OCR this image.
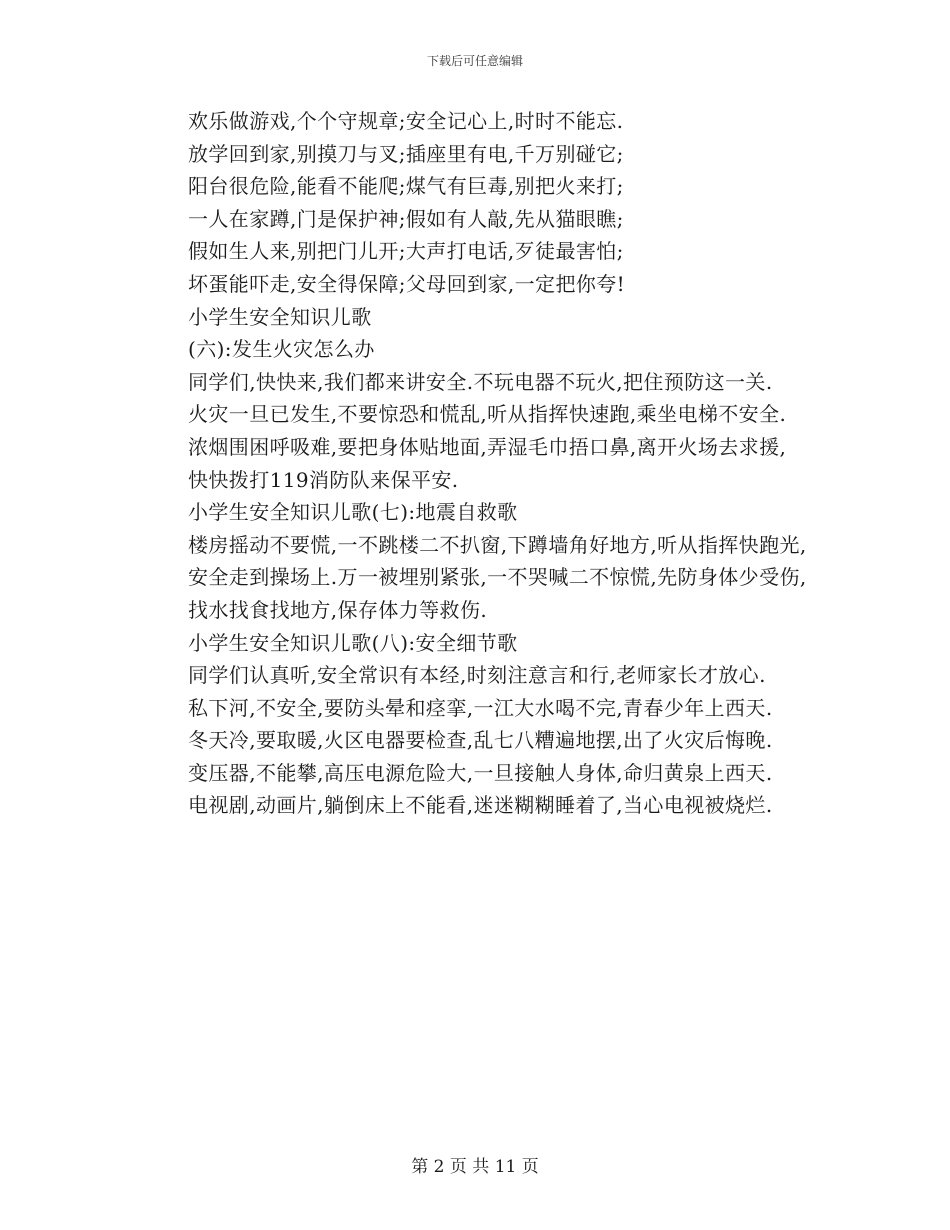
下载后可任意编辑

欢乐做游戏,个个守规章;安全记心上,时时不能忘.

放学回到家,别摸刀与叉;插座里有电,千万别碰它;

阳台很危险,能看不能爬;煤气有巨毒,别把火来打;

一人在家蹲,门是保护神;假如有人敲,先从猫眼瞧;

假如生人来,别把门儿开;大声打电话,歹徒最害怕;

坏蛋能吓走,安全得保障;父母回到家,一定把你夸!

小学生安全知识儿歌

(六):发生火灾怎么办

同学们,快快来,我们都来讲安全.不玩电器不玩火,把住预防这一关.

火灾一旦已发生,不要惊恐和慌乱,听从指挥快速跑,乘坐电梯不安全.

浓烟围困呼吸难,要把身体贴地面,弄湿毛巾捂口鼻,离开火场去求援,

快快拨打119消防队来保平安.

小学生安全知识儿歌(七):地震自救歌

楼房摇动不要慌,一不跳楼二不扒窗,下蹲墙角好地方,听从指挥快跑光,

安全走到操场上.万一被埋别紧张,一不哭喊二不惊慌,先防身体少受伤,

找水找食找地方,保存体力等救伤.

小学生安全知识儿歌(八):安全细节歌

同学们认真听,安全常识有本经,时刻注意言和行,老师家长才放心.

私下河,不安全,要防头晕和痉挛,一江大水喝不完,青春少年上西天.

冬天冷,要取暖,火区电器要检查,乱七八糟遍地摆,出了火灾后悔晚.

变压器,不能攀,高压电源危险大,一旦接触人身体,命归黄泉上西天.

电视剧,动画片,躺倒床上不能看,迷迷糊糊睡着了,当心电视被烧烂.

第 2 页 共 11 页
